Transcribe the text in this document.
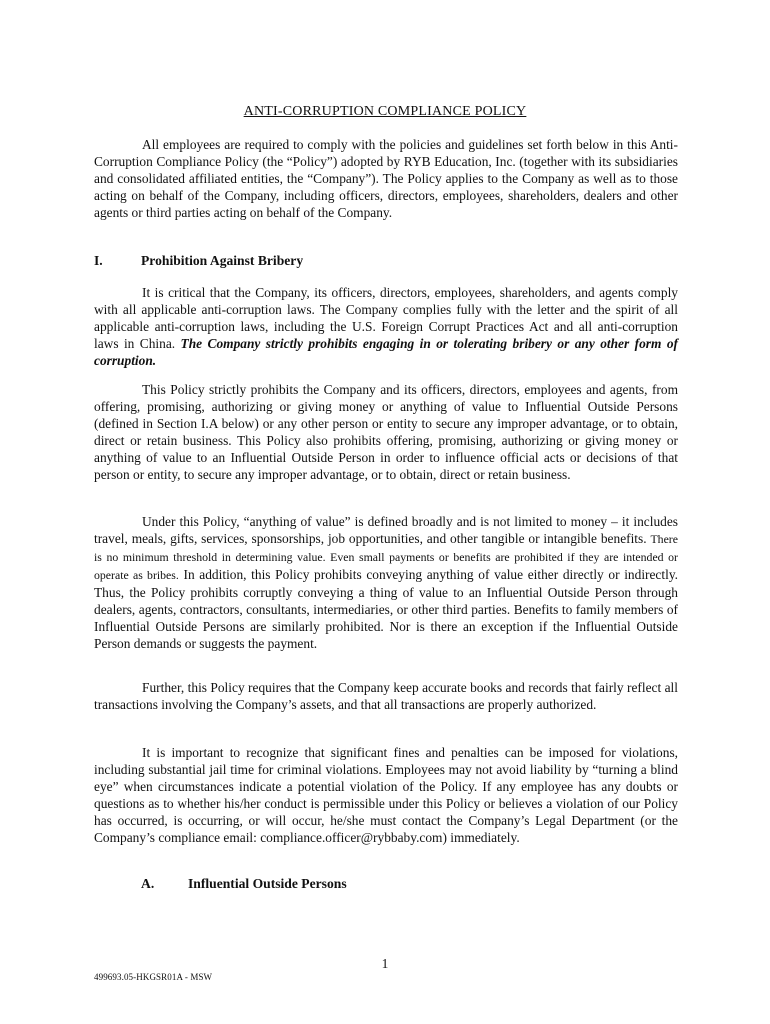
ANTI-CORRUPTION COMPLIANCE POLICY
All employees are required to comply with the policies and guidelines set forth below in this Anti-Corruption Compliance Policy (the “Policy”) adopted by RYB Education, Inc. (together with its subsidiaries and consolidated affiliated entities, the “Company”). The Policy applies to the Company as well as to those acting on behalf of the Company, including officers, directors, employees, shareholders, dealers and other agents or third parties acting on behalf of the Company.
I.	Prohibition Against Bribery
It is critical that the Company, its officers, directors, employees, shareholders, and agents comply with all applicable anti-corruption laws. The Company complies fully with the letter and the spirit of all applicable anti-corruption laws, including the U.S. Foreign Corrupt Practices Act and all anti-corruption laws in China. The Company strictly prohibits engaging in or tolerating bribery or any other form of corruption.
This Policy strictly prohibits the Company and its officers, directors, employees and agents, from offering, promising, authorizing or giving money or anything of value to Influential Outside Persons (defined in Section I.A below) or any other person or entity to secure any improper advantage, or to obtain, direct or retain business. This Policy also prohibits offering, promising, authorizing or giving money or anything of value to an Influential Outside Person in order to influence official acts or decisions of that person or entity, to secure any improper advantage, or to obtain, direct or retain business.
Under this Policy, “anything of value” is defined broadly and is not limited to money – it includes travel, meals, gifts, services, sponsorships, job opportunities, and other tangible or intangible benefits. There is no minimum threshold in determining value. Even small payments or benefits are prohibited if they are intended or operate as bribes. In addition, this Policy prohibits conveying anything of value either directly or indirectly. Thus, the Policy prohibits corruptly conveying a thing of value to an Influential Outside Person through dealers, agents, contractors, consultants, intermediaries, or other third parties. Benefits to family members of Influential Outside Persons are similarly prohibited. Nor is there an exception if the Influential Outside Person demands or suggests the payment.
Further, this Policy requires that the Company keep accurate books and records that fairly reflect all transactions involving the Company’s assets, and that all transactions are properly authorized.
It is important to recognize that significant fines and penalties can be imposed for violations, including substantial jail time for criminal violations. Employees may not avoid liability by “turning a blind eye” when circumstances indicate a potential violation of the Policy. If any employee has any doubts or questions as to whether his/her conduct is permissible under this Policy or believes a violation of our Policy has occurred, is occurring, or will occur, he/she must contact the Company’s Legal Department (or the Company’s compliance email: compliance.officer@rybbaby.com) immediately.
A. Influential Outside Persons
1
499693.05-HKGSR01A - MSW
